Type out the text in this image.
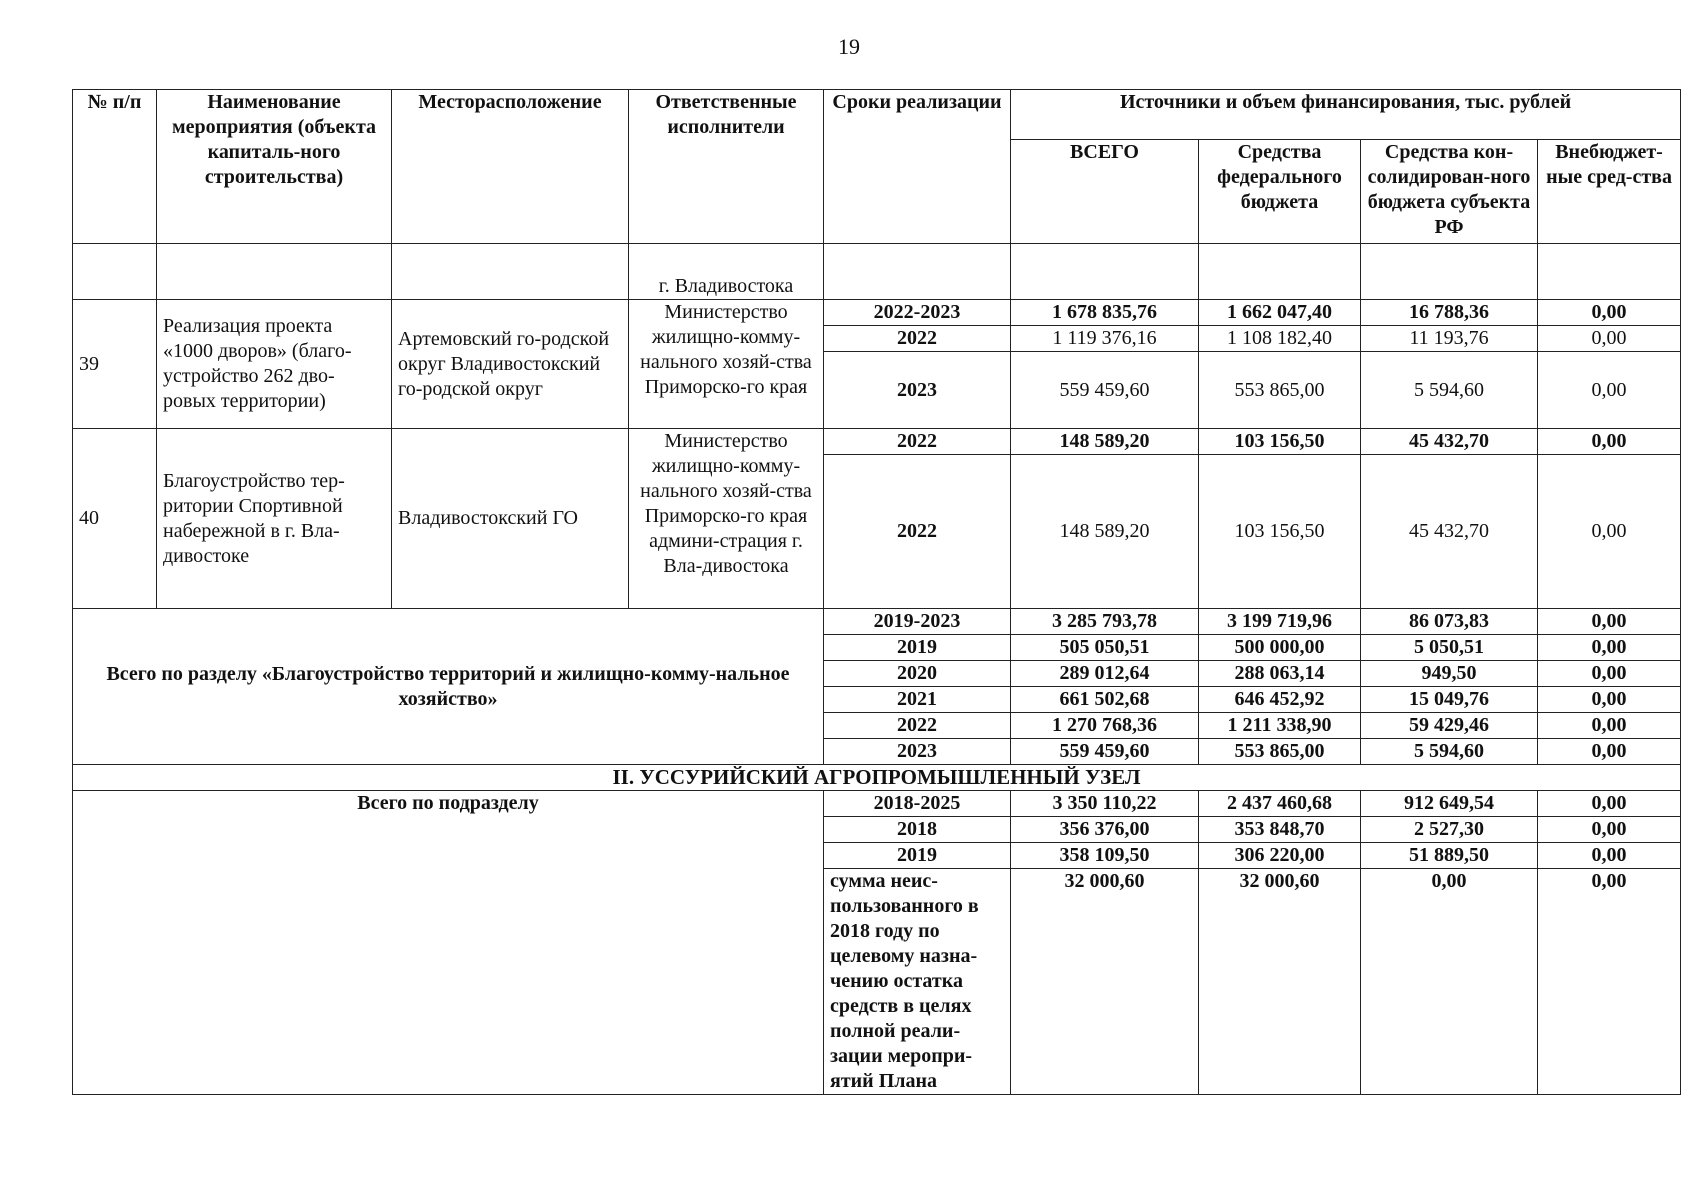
19
№ п/п	Наименование мероприятия (объекта капиталь-ного строительства)	Месторасположение	Ответственные исполнители	Сроки реализации	Источники и объем финансирования, тыс. рублей			
					ВСЕГО	Средства федерального бюджета	Средства кон-солидирован-ного бюджета субъекта РФ	Внебюджет-ные сред-ства
			г. Владивостока					
39	Реализация проекта «1000 дворов» (благо-устройство 262 дво-ровых территории)	Артемовский го-родской округ Владивостокский го-родской округ	Министерство жилищно-комму-нального хозяй-ства Приморско-го края	2022-2023	1 678 835,76	1 662 047,40	16 788,36	0,00
				2022	1 119 376,16	1 108 182,40	11 193,76	0,00
				2023	559 459,60	553 865,00	5 594,60	0,00
40	Благоустройство тер-ритории Спортивной набережной в г. Вла-дивостоке	Владивостокский ГО	Министерство жилищно-комму-нального хозяй-ства Приморско-го края админи-страция г. Вла-дивостока	2022	148 589,20	103 156,50	45 432,70	0,00
				2022	148 589,20	103 156,50	45 432,70	0,00
Всего по разделу «Благоустройство территорий и жилищно-комму-нальное хозяйство»				2019-2023	3 285 793,78	3 199 719,96	86 073,83	0,00
				2019	505 050,51	500 000,00	5 050,51	0,00
				2020	289 012,64	288 063,14	949,50	0,00
				2021	661 502,68	646 452,92	15 049,76	0,00
				2022	1 270 768,36	1 211 338,90	59 429,46	0,00
				2023	559 459,60	553 865,00	5 594,60	0,00
II. УССУРИЙСКИЙ АГРОПРОМЫШЛЕННЫЙ УЗЕЛ								
Всего по подразделу				2018-2025	3 350 110,22	2 437 460,68	912 649,54	0,00
				2018	356 376,00	353 848,70	2 527,30	0,00
				2019	358 109,50	306 220,00	51 889,50	0,00
				сумма неис-пользованного в 2018 году по целевому назна-чению остатка средств в целях полной реали-зации меропри-ятий Плана	32 000,60	32 000,60	0,00	0,00
